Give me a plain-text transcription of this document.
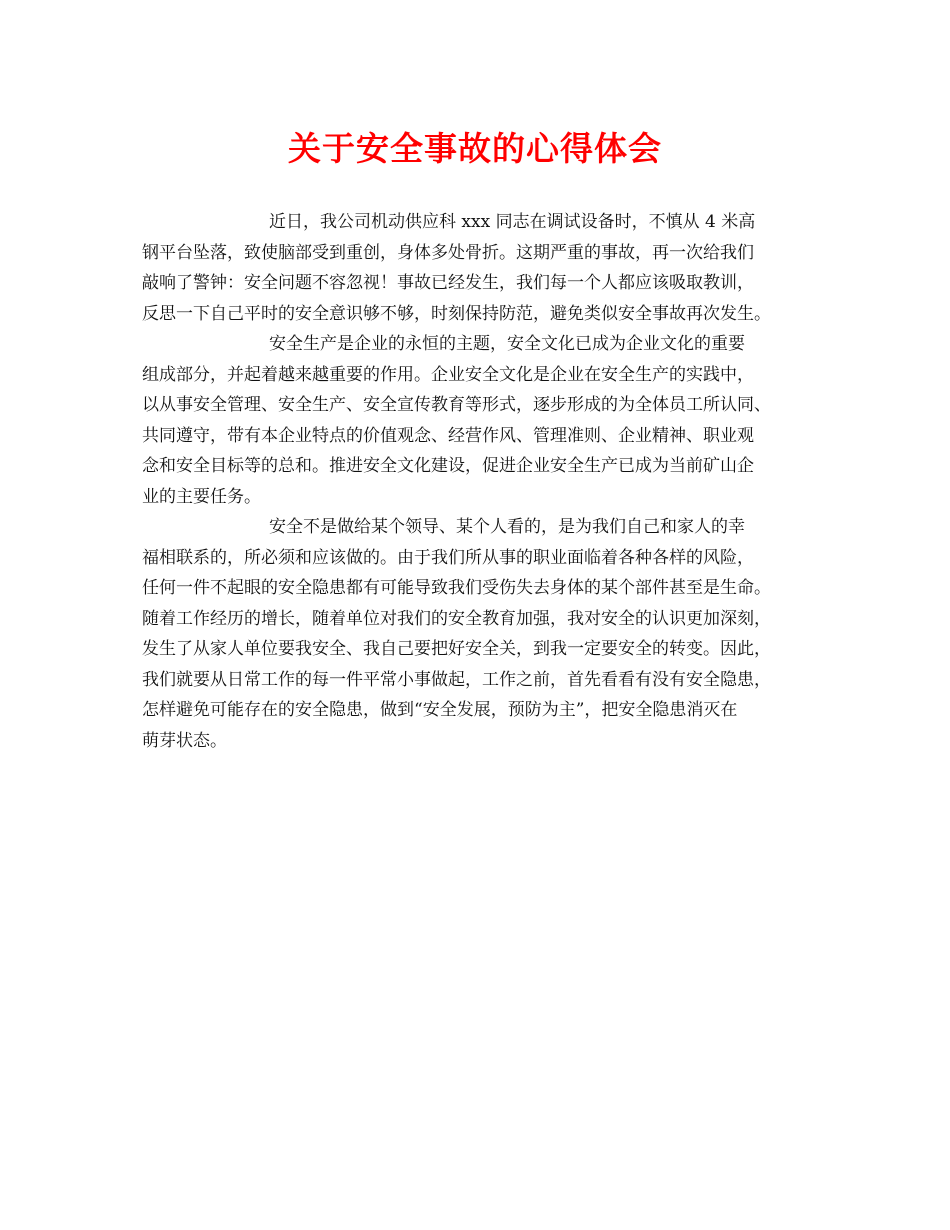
关于安全事故的心得体会
近日，我公司机动供应科 xxx 同志在调试设备时，不慎从 4 米高
钢平台坠落，致使脑部受到重创，身体多处骨折。这期严重的事故，再一次给我们
敲响了警钟：安全问题不容忽视！事故已经发生，我们每一个人都应该吸取教训，
反思一下自己平时的安全意识够不够，时刻保持防范，避免类似安全事故再次发生。
安全生产是企业的永恒的主题，安全文化已成为企业文化的重要
组成部分，并起着越来越重要的作用。企业安全文化是企业在安全生产的实践中，
以从事安全管理、安全生产、安全宣传教育等形式，逐步形成的为全体员工所认同、
共同遵守，带有本企业特点的价值观念、经营作风、管理准则、企业精神、职业观
念和安全目标等的总和。推进安全文化建设，促进企业安全生产已成为当前矿山企
业的主要任务。
安全不是做给某个领导、某个人看的，是为我们自己和家人的幸
福相联系的，所必须和应该做的。由于我们所从事的职业面临着各种各样的风险，
任何一件不起眼的安全隐患都有可能导致我们受伤失去身体的某个部件甚至是生命。
随着工作经历的增长，随着单位对我们的安全教育加强，我对安全的认识更加深刻，
发生了从家人单位要我安全、我自己要把好安全关，到我一定要安全的转变。因此，
我们就要从日常工作的每一件平常小事做起，工作之前，首先看看有没有安全隐患，
怎样避免可能存在的安全隐患，做到“安全发展，预防为主”，把安全隐患消灭在
萌芽状态。
